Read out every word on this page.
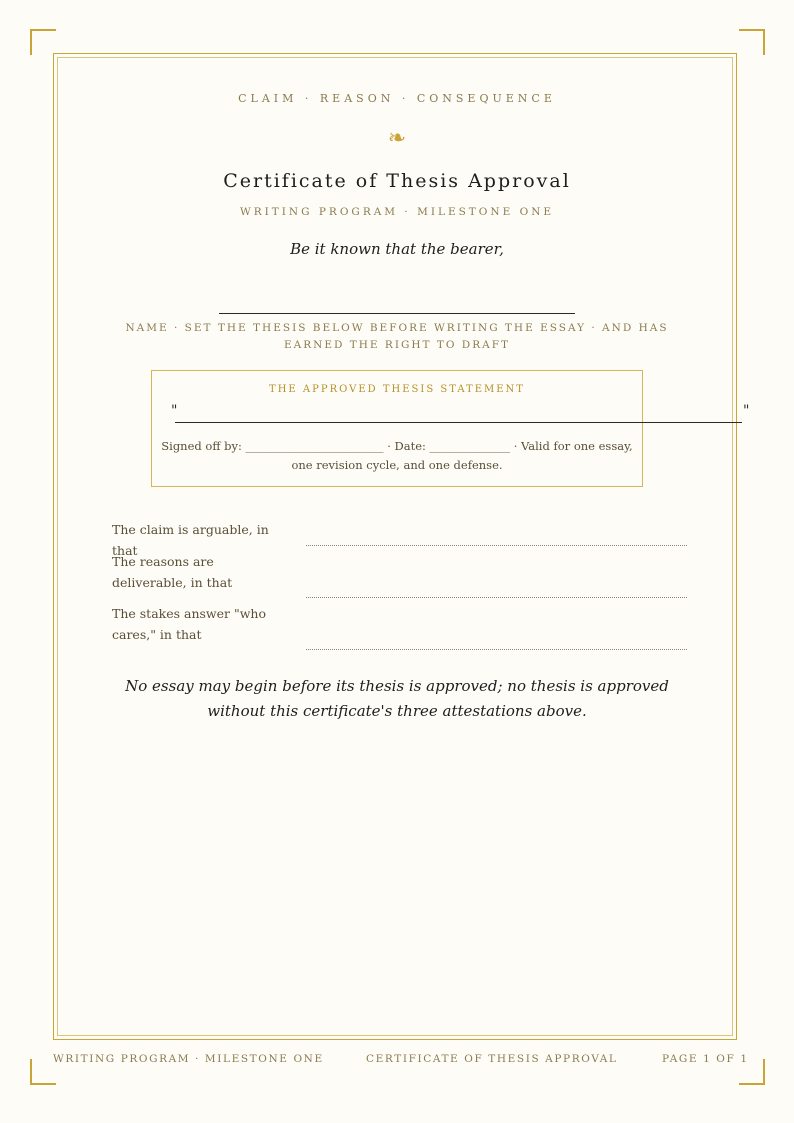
CLAIM · REASON · CONSEQUENCE
❧
Certificate of Thesis Approval
WRITING PROGRAM · MILESTONE ONE
Be it known that the bearer,
NAME · SET THE THESIS BELOW BEFORE WRITING THE ESSAY · AND HAS EARNED THE RIGHT TO DRAFT
THE APPROVED THESIS STATEMENT
"	"
Signed off by: ________________________ · Date: ______________ · Valid for one essay, one revision cycle, and one defense.
The claim is arguable, in that
The reasons are deliverable, in that
The stakes answer "who cares," in that
No essay may begin before its thesis is approved; no thesis is approved without this certificate's three attestations above.
WRITING PROGRAM · MILESTONE ONE	CERTIFICATE OF THESIS APPROVAL	PAGE 1 OF 1
